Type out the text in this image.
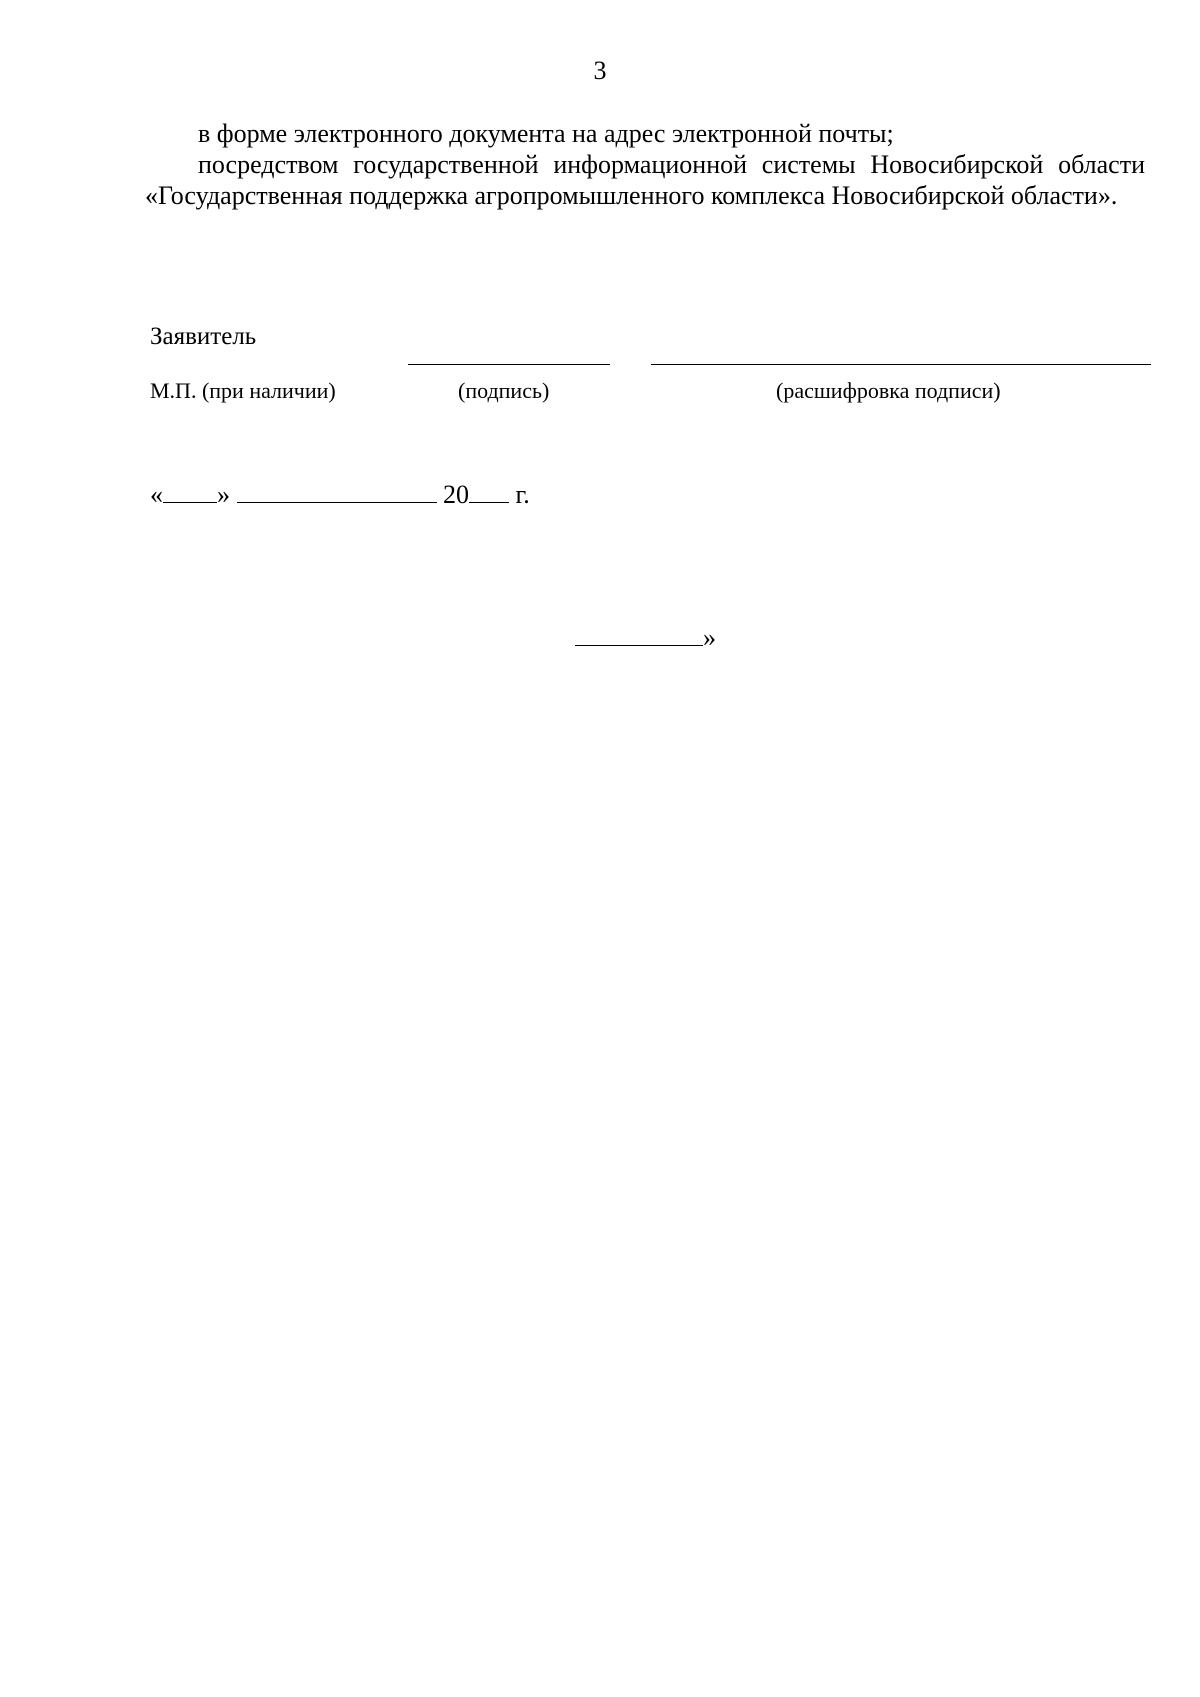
3

в форме электронного документа на адрес электронной почты;

посредством государственной информационной системы Новосибирской области «Государственная поддержка агропромышленного комплекса Новосибирской области».

Заявитель
М.П. (при наличии)	(подпись)	(расшифровка подписи)
« »	20 г.
»
